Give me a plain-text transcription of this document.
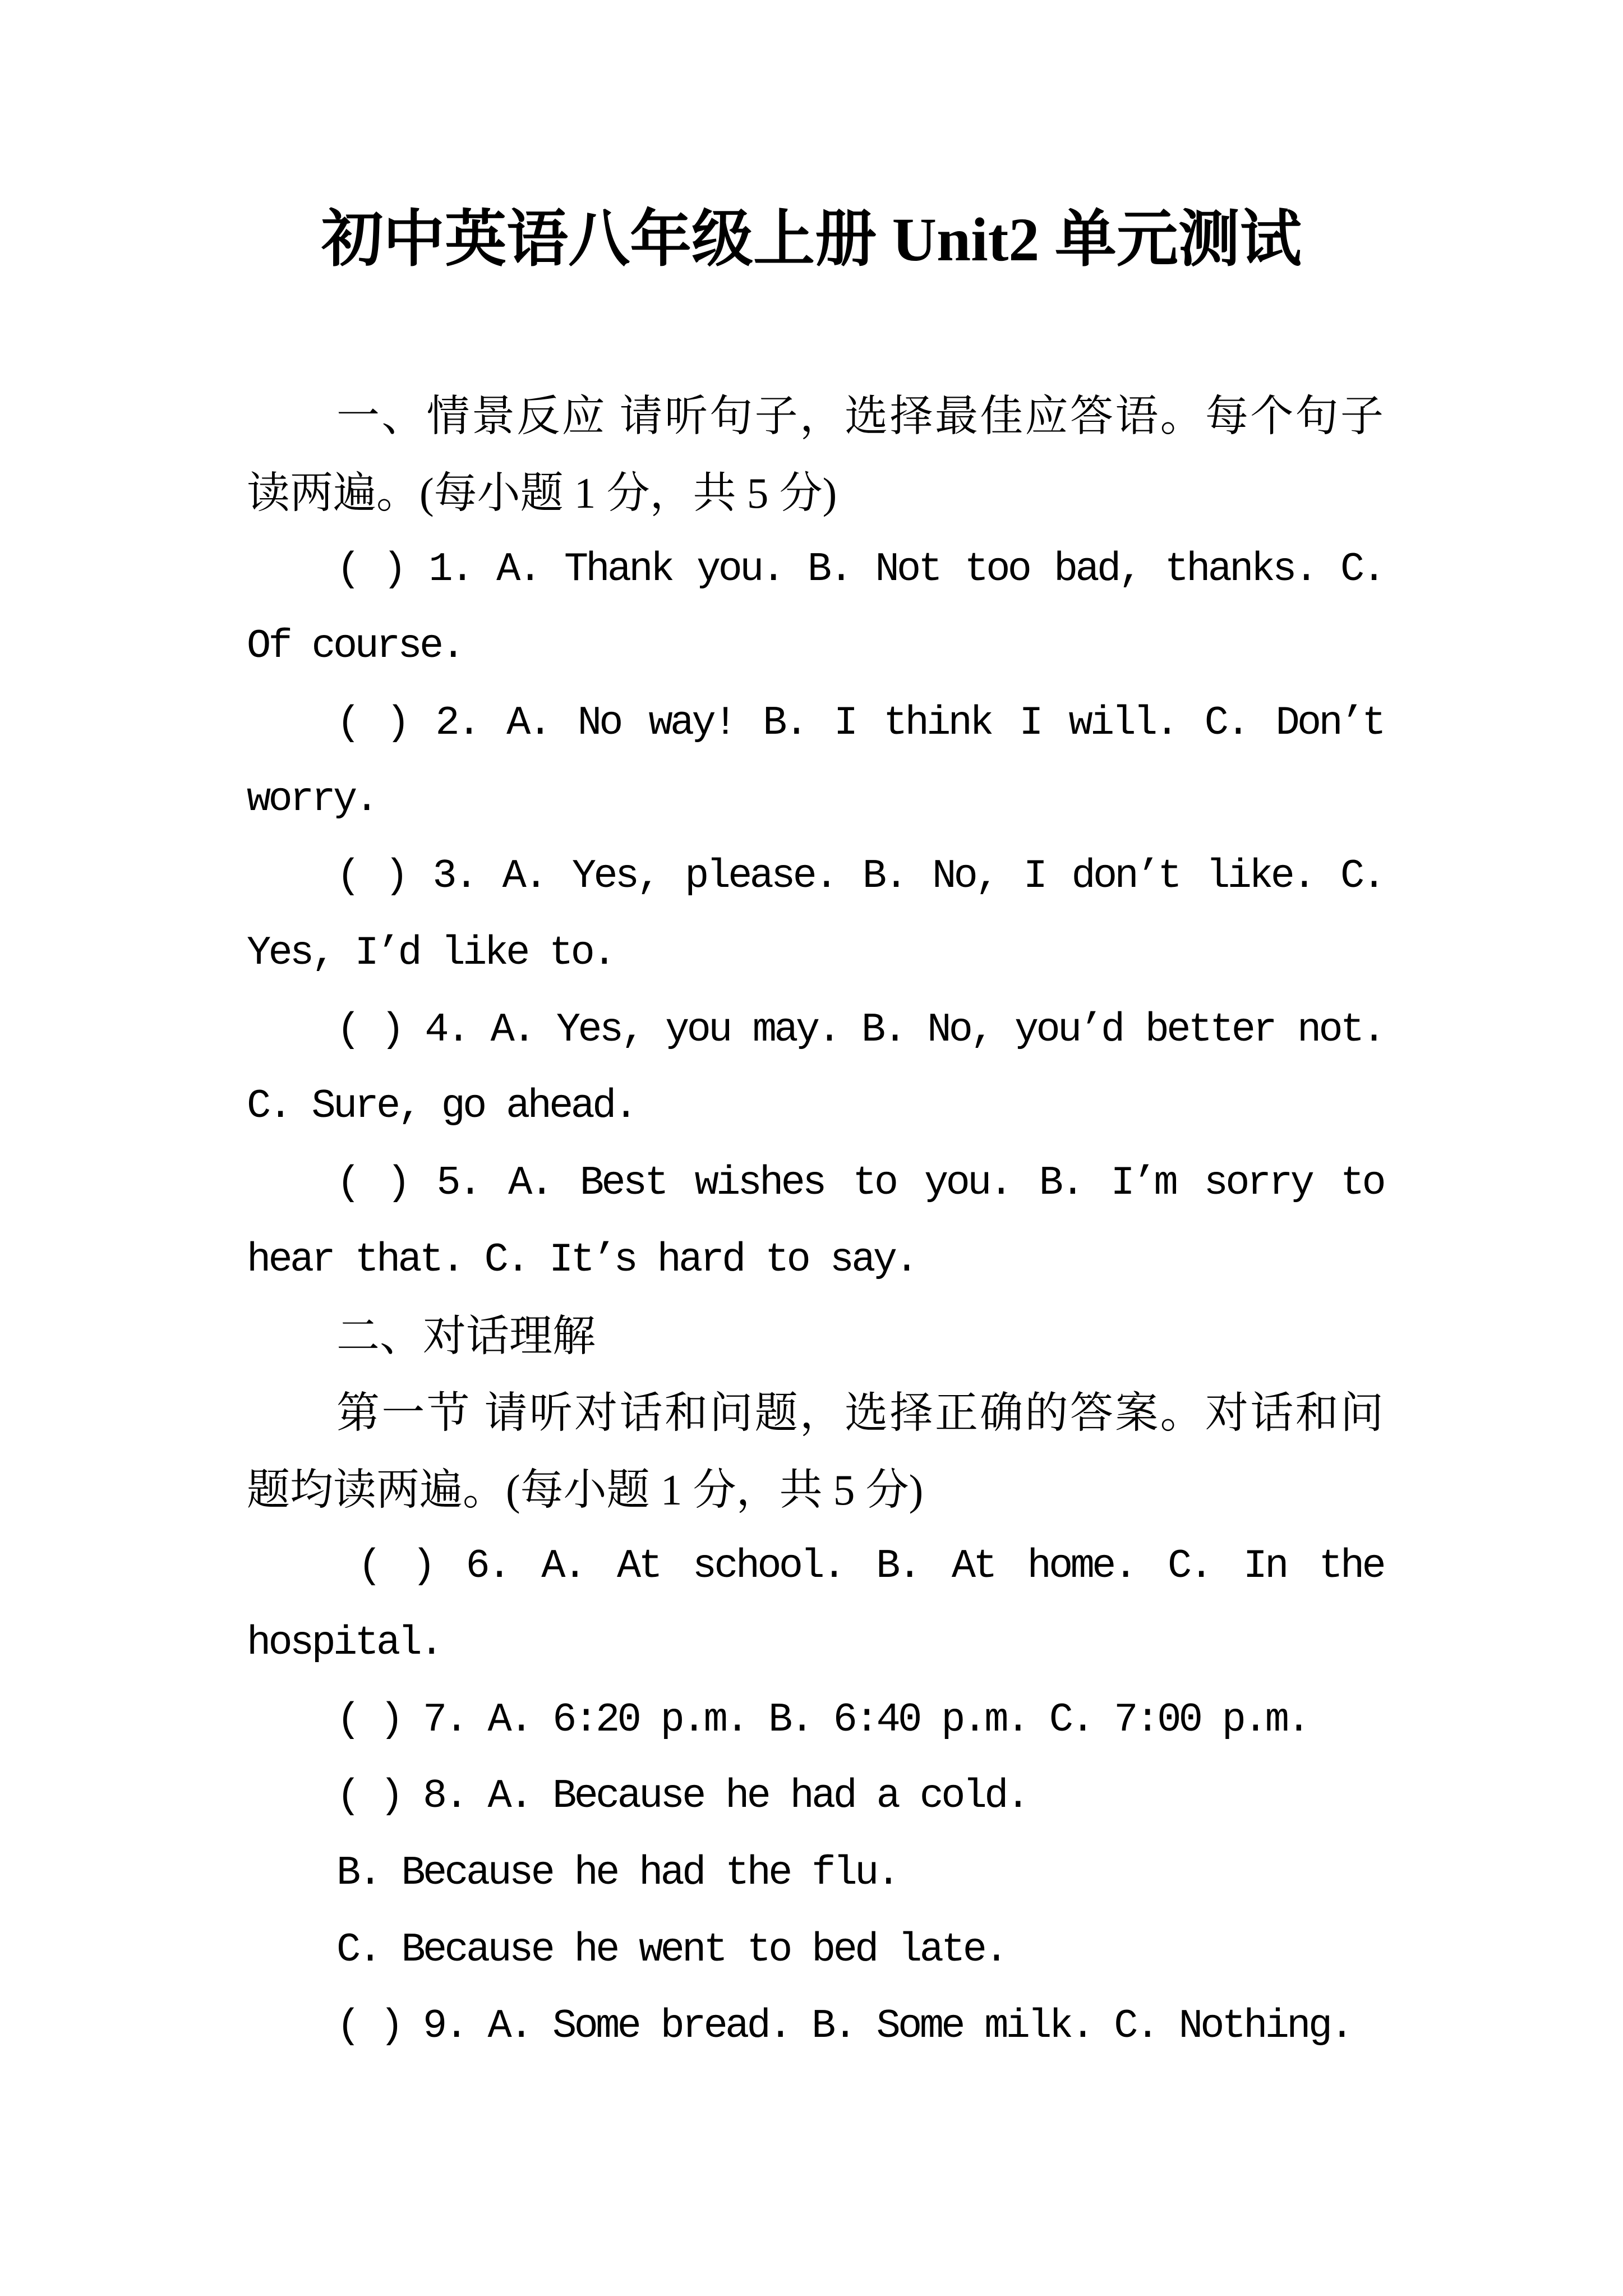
初中英语八年级上册 Unit2 单元测试
一、情景反应 请听句子，选择最佳应答语。每个句子
读两遍。(每小题 1 分，共 5 分)
( ) 1. A. Thank you. B. Not too bad, thanks. C.
Of course.
( ) 2. A. No way! B. I think I will. C. Don’t
worry.
( ) 3. A. Yes, please. B. No, I don’t like. C.
Yes, I’d like to.
( ) 4. A. Yes, you may. B. No, you’d better not.
C. Sure, go ahead.
( ) 5. A. Best wishes to you. B. I’m sorry to
hear that. C. It’s hard to say.
二、对话理解
第一节 请听对话和问题，选择正确的答案。对话和问
题均读两遍。(每小题 1 分，共 5 分)
( ) 6. A. At school. B. At home. C. In the
hospital.
( ) 7. A. 6:20 p.m. B. 6:40 p.m. C. 7:00 p.m.
( ) 8. A. Because he had a cold.
B. Because he had the flu.
C. Because he went to bed late.
( ) 9. A. Some bread. B. Some milk. C. Nothing.
